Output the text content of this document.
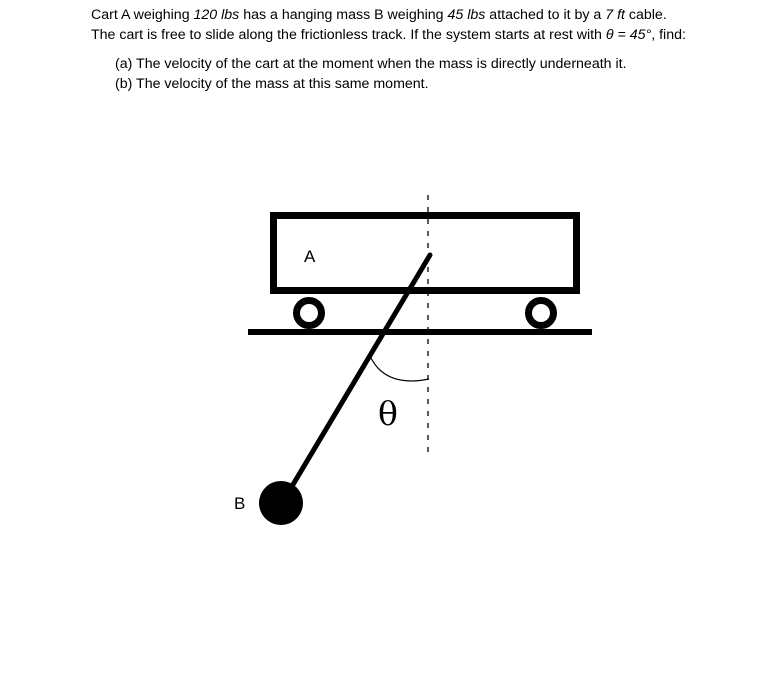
Cart A weighing 120 lbs has a hanging mass B weighing 45 lbs attached to it by a 7 ft cable.

The cart is free to slide along the frictionless track. If the system starts at rest with θ = 45°, find:

(a) The velocity of the cart at the moment when the mass is directly underneath it.

(b) The velocity of the mass at this same moment.

A
B
θ
